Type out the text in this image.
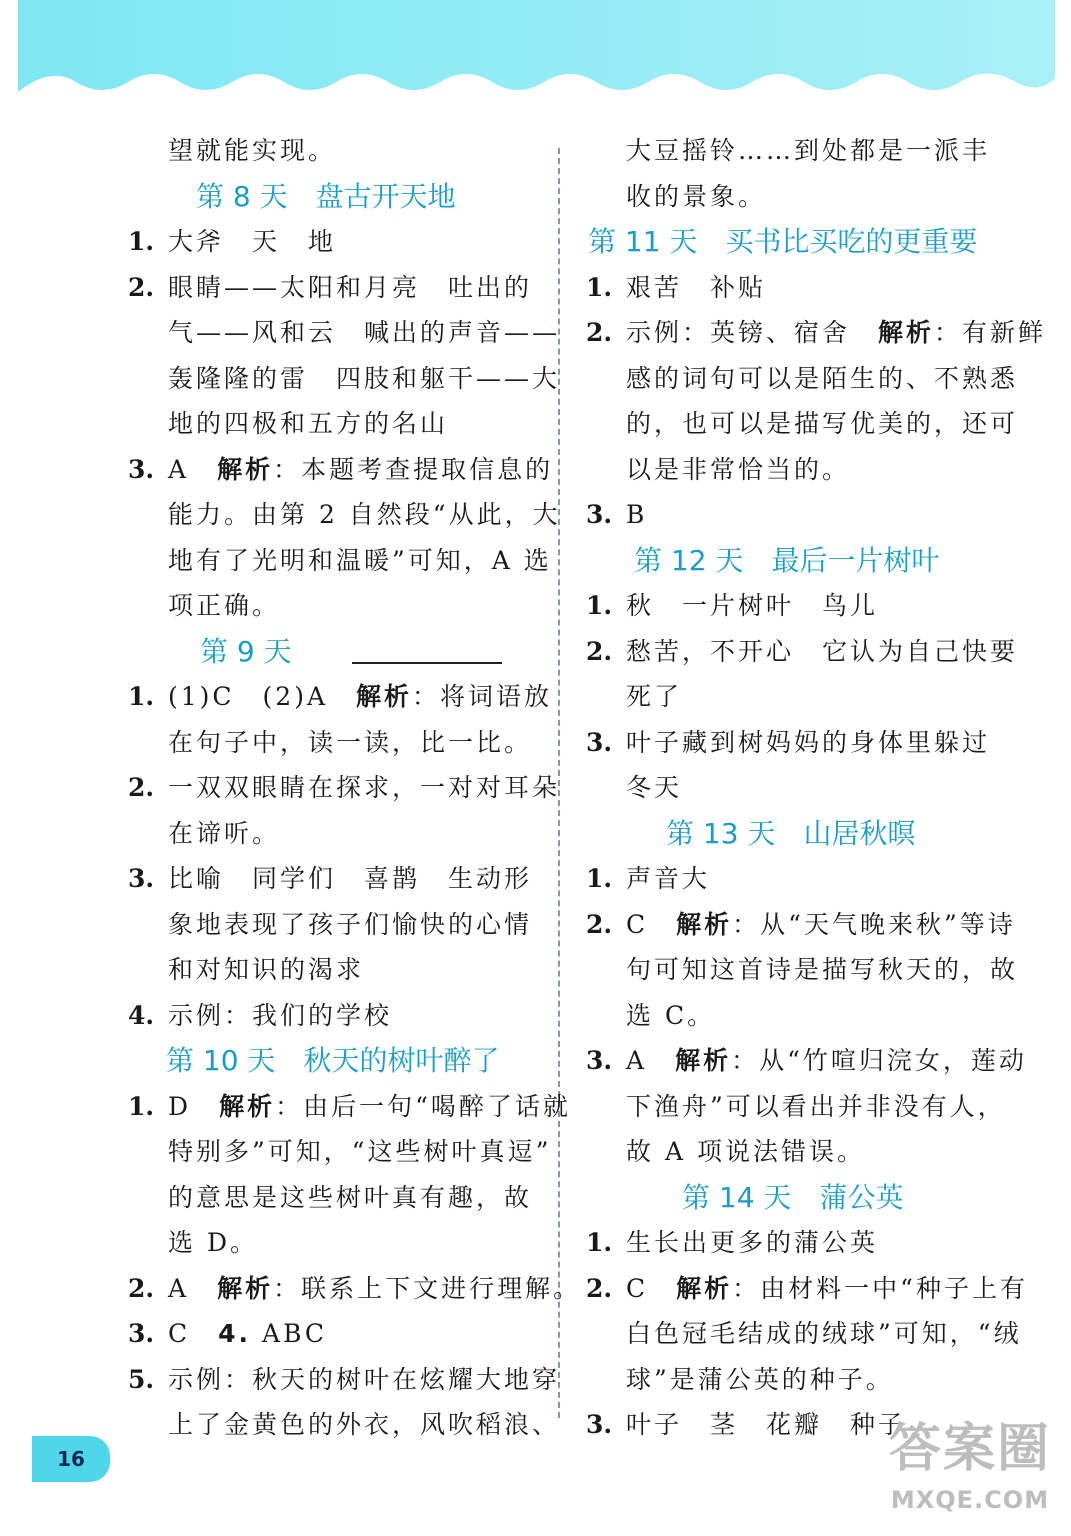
望就能实现。
第 8 天 盘古开天地
1. 大斧　天　地
2. 眼睛——太阳和月亮　吐出的
气——风和云　喊出的声音——
轰隆隆的雷　四肢和躯干——大
地的四极和五方的名山
3. A　 解析：本题考查提取信息的
能力。由第 2 自然段“从此，大
地有了光明和温暖”可知，A 选
项正确。
第 9 天
1. (1)C　(2)A　 解析：将词语放
在句子中，读一读，比一比。
2. 一双双眼睛在探求，一对对耳朵
在谛听。
3. 比喻　同学们　喜鹊　生动形
象地表现了孩子们愉快的心情
和对知识的渴求
4. 示例：我们的学校
第 10 天 秋天的树叶醉了
1. D　 解析：由后一句“喝醉了话就
特别多”可知，“这些树叶真逗”
的意思是这些树叶真有趣，故
选 D。
2. A　 解析：联系上下文进行理解。
3. C　 4. ABC
5. 示例：秋天的树叶在炫耀大地穿
上了金黄色的外衣，风吹稻浪、
大豆摇铃……到处都是一派丰
收的景象。
第 11 天 买书比买吃的更重要
1. 艰苦　补贴
2. 示例：英镑、宿舍　解析：有新鲜
感的词句可以是陌生的、不熟悉
的，也可以是描写优美的，还可
以是非常恰当的。
3. B
第 12 天 最后一片树叶
1. 秋　一片树叶　鸟儿
2. 愁苦，不开心　它认为自己快要
死了
3. 叶子藏到树妈妈的身体里躲过
冬天
第 13 天 山居秋暝
1. 声音大
2. C　 解析：从“天气晚来秋”等诗
句可知这首诗是描写秋天的，故
选 C。
3. A　 解析：从“竹喧归浣女，莲动
下渔舟”可以看出并非没有人，
故 A 项说法错误。
第 14 天 蒲公英
1. 生长出更多的蒲公英
2. C　 解析：由材料一中“种子上有
白色冠毛结成的绒球”可知，“绒
球”是蒲公英的种子。
3. 叶子　茎　花瓣　种子
16	答案圈
MXQE.COM
